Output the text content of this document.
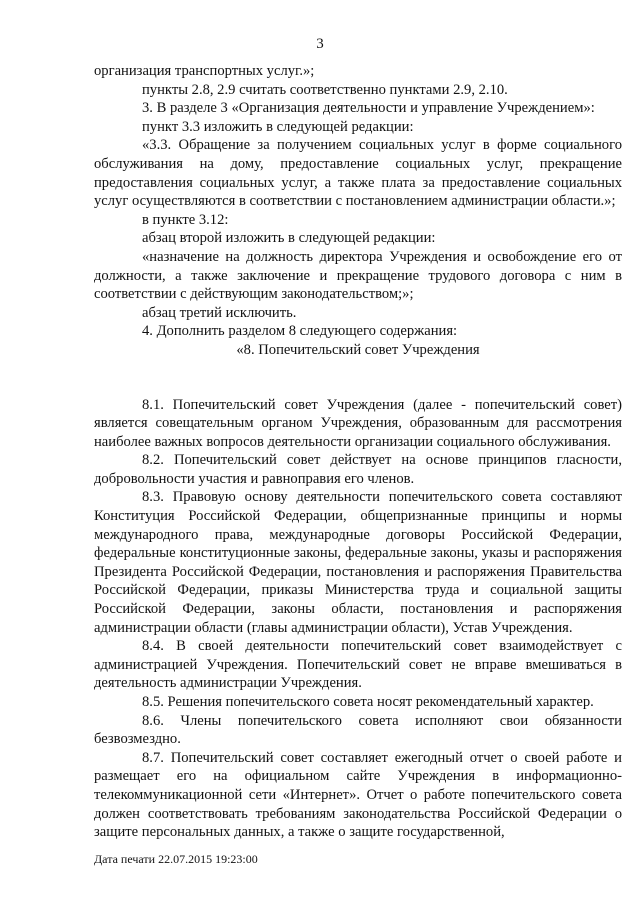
3

организация транспортных услуг.»;

пункты 2.8, 2.9 считать соответственно пунктами 2.9, 2.10.

3. В разделе 3 «Организация деятельности и управление Учреждением»:

пункт 3.3 изложить в следующей редакции:

«3.3. Обращение за получением социальных услуг в форме социального обслуживания на дому, предоставление социальных услуг, прекращение предоставления социальных услуг, а также плата за предоставление социальных услуг осуществляются в соответствии с постановлением администрации области.»;

в пункте 3.12:

абзац второй изложить в следующей редакции:

«назначение на должность директора Учреждения и освобождение его от должности, а также заключение и прекращение трудового договора с ним в соответствии с действующим законодательством;»;

абзац третий исключить.

4. Дополнить разделом 8 следующего содержания:

«8. Попечительский совет Учреждения

8.1. Попечительский совет Учреждения (далее - попечительский совет) является совещательным органом Учреждения, образованным для рассмотрения наиболее важных вопросов деятельности организации социального обслуживания.

8.2. Попечительский совет действует на основе принципов гласности, добровольности участия и равноправия его членов.

8.3. Правовую основу деятельности попечительского совета составляют Конституция Российской Федерации, общепризнанные принципы и нормы международного права, международные договоры Российской Федерации, федеральные конституционные законы, федеральные законы, указы и распоряжения Президента Российской Федерации, постановления и распоряжения Правительства Российской Федерации, приказы Министерства труда и социальной защиты Российской Федерации, законы области, постановления и распоряжения администрации области (главы администрации области), Устав Учреждения.

8.4. В своей деятельности попечительский совет взаимодействует с администрацией Учреждения. Попечительский совет не вправе вмешиваться в деятельность администрации Учреждения.

8.5. Решения попечительского совета носят рекомендательный характер.

8.6. Члены попечительского совета исполняют свои обязанности безвозмездно.

8.7. Попечительский совет составляет ежегодный отчет о своей работе и размещает его на официальном сайте Учреждения в информационно-телекоммуникационной сети «Интернет». Отчет о работе попечительского совета должен соответствовать требованиям законодательства Российской Федерации о защите персональных данных, а также о защите государственной,

Дата печати 22.07.2015 19:23:00
